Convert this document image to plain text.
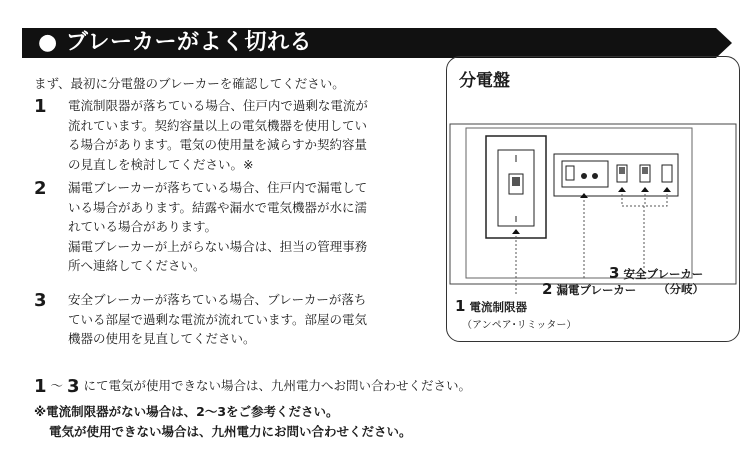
● ブレーカーがよく切れる
まず、最初に分電盤のブレーカーを確認してください。
1 電流制限器が落ちている場合、住戸内で過剰な電流が

流れています。契約容量以上の電気機器を使用してい

る場合があります。電気の使用量を減らすか契約容量

の見直しを検討してください。※

2 漏電ブレーカーが落ちている場合、住戸内で漏電して

いる場合があります。結露や漏水で電気機器が水に濡

れている場合があります。

漏電ブレーカーが上がらない場合は、担当の管理事務

所へ連絡してください。

3 安全ブレーカーが落ちている場合、ブレーカーが落ち

ている部屋で過剰な電流が流れています。部屋の電気

機器の使用を見直してください。

1 ～ 3 にて電気が使用できない場合は、九州電力へお問い合わせください。

※電流制限器がない場合は、2～3をご参考ください。

電気が使用できない場合は、九州電力にお問い合わせください。

分電盤
3 安全ブレーカー
（分岐）
2 漏電ブレーカー
1 電流制限器
（アンペア･リミッター）
